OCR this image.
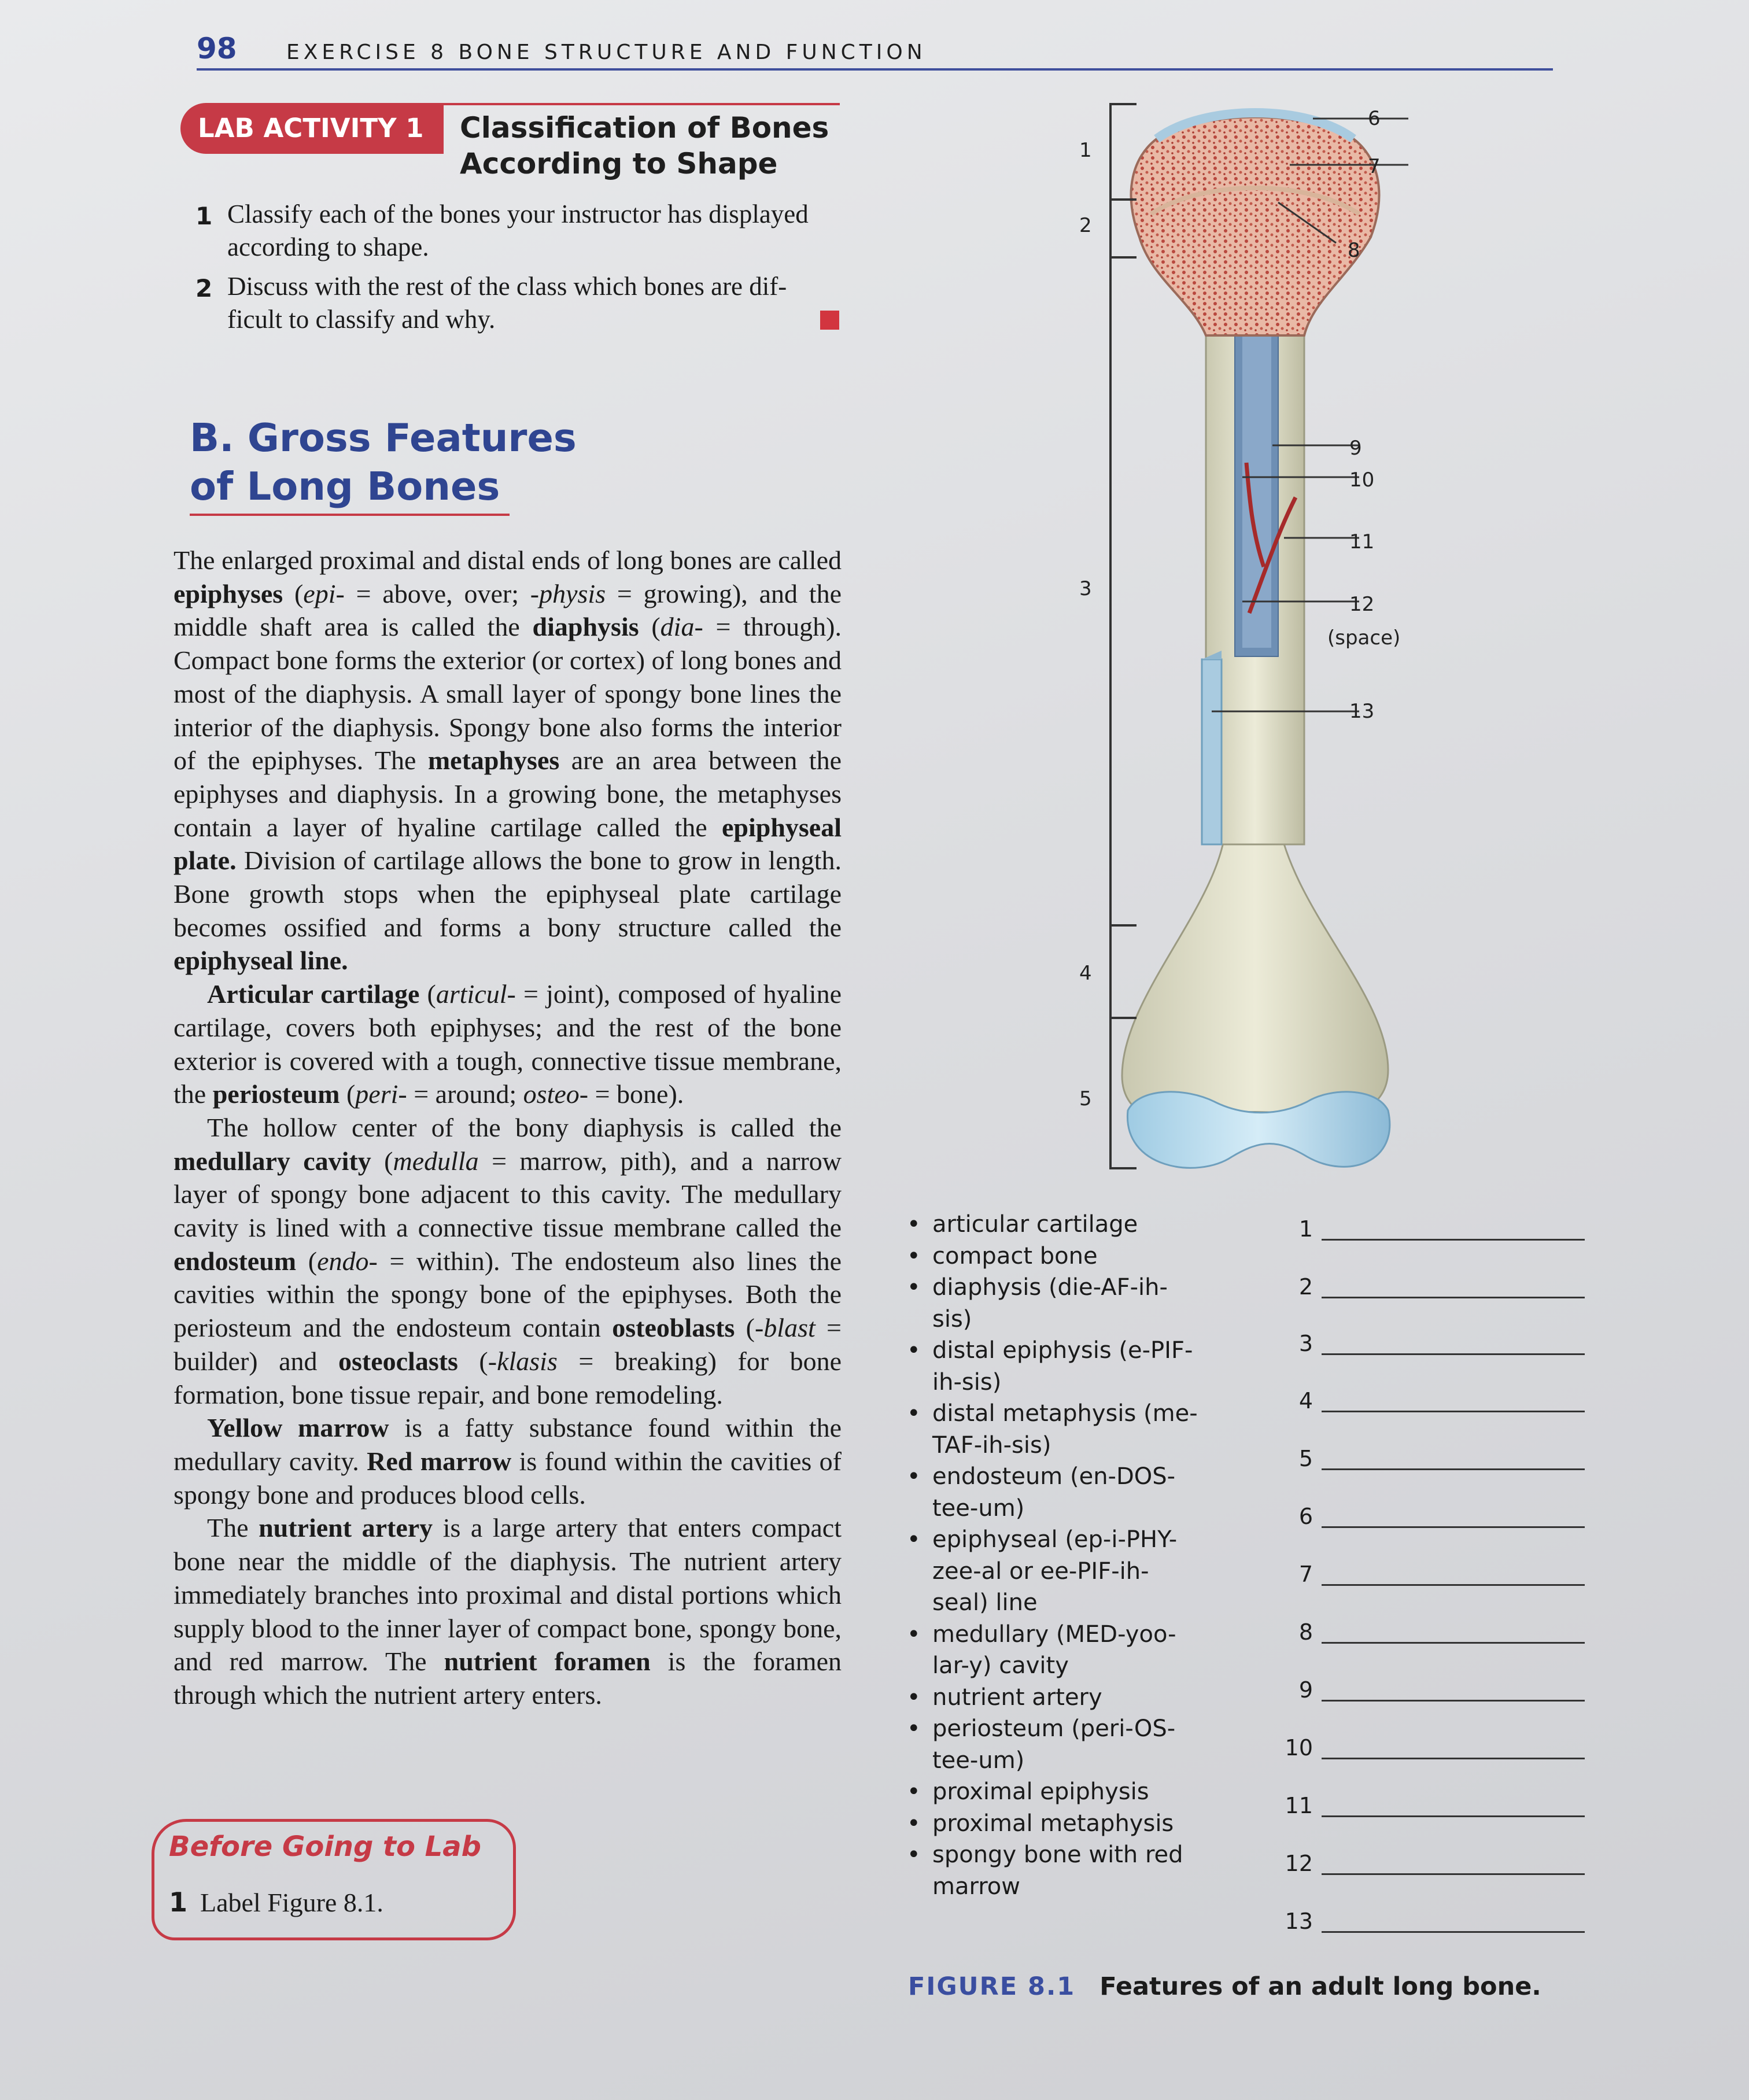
98 EXERCISE 8 BONE STRUCTURE AND FUNCTION
LAB ACTIVITY 1	Classification of Bones
According to Shape
1 Classify each of the bones your instructor has displayed
according to shape.
2 Discuss with the rest of the class which bones are dif-
ficult to classify and why.
B. Gross Features
of Long Bones

The enlarged proximal and distal ends of long bones are called epiphyses (epi- = above, over; -physis = growing), and the middle shaft area is called the diaphysis (dia- = through). Compact bone forms the exterior (or cortex) of long bones and most of the diaphysis. A small layer of spongy bone lines the interior of the diaphysis. Spongy bone also forms the interior of the epiphyses. The metaphyses are an area between the epiphyses and diaphysis. In a growing bone, the metaphyses contain a layer of hyaline cartilage called the epiphyseal plate. Division of cartilage allows the bone to grow in length. Bone growth stops when the epiphyseal plate cartilage becomes ossified and forms a bony structure called the epiphyseal line.

Articular cartilage (articul- = joint), composed of hyaline cartilage, covers both epiphyses; and the rest of the bone exterior is covered with a tough, connective tissue membrane, the periosteum (peri- = around; osteo- = bone).

The hollow center of the bony diaphysis is called the medullary cavity (medulla = marrow, pith), and a narrow layer of spongy bone adjacent to this cavity. The medullary cavity is lined with a connective tissue membrane called the endosteum (endo- = within). The endosteum also lines the cavities within the spongy bone of the epiphyses. Both the periosteum and the endosteum contain osteoblasts (-blast = builder) and osteoclasts (-klasis = breaking) for bone formation, bone tissue repair, and bone remodeling.

Yellow marrow is a fatty substance found within the medullary cavity. Red marrow is found within the cavities of spongy bone and produces blood cells.

The nutrient artery is a large artery that enters compact bone near the middle of the diaphysis. The nutrient artery immediately branches into proximal and distal portions which supply blood to the inner layer of compact bone, spongy bone, and red marrow. The nutrient foramen is the foramen through which the nutrient artery enters.

Before Going to Lab
1 Label Figure 8.1.
1
2
3
4
5
6
7
8
9
10
11
12
(space)
13
• articular cartilage
• compact bone
• diaphysis (die-AF-ih-sis)
• distal epiphysis (e-PIF-ih-sis)
• distal metaphysis (me-TAF-ih-sis)
• endosteum (en-DOS-tee-um)
• epiphyseal (ep-i-PHY-zee-al or ee-PIF-ih-seal) line
• medullary (MED-yoo-lar-y) cavity
• nutrient artery
• periosteum (peri-OS-tee-um)
• proximal epiphysis
• proximal metaphysis
• spongy bone with red marrow
1
2
3
4
5
6
7
8
9
10
11
12
13
FIGURE 8.1 Features of an adult long bone.
